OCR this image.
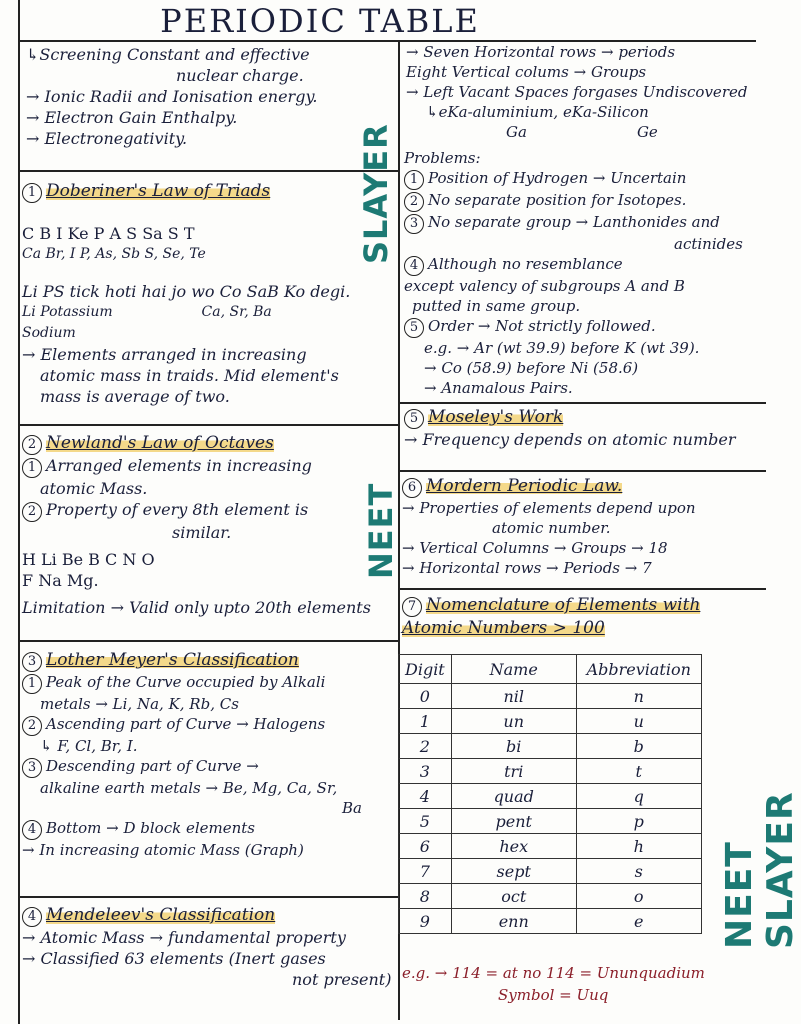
PERIODIC TABLE
↳Screening Constant and effective
nuclear charge.
→ Ionic Radii and Ionisation energy.
→ Electron Gain Enthalpy.
→ Electronegativity.
→ Seven Horizontal rows → periods
Eight Vertical colums → Groups
→ Left Vacant Spaces forgases Undiscovered
↳eKa-aluminium, eKa-Silicon
Ga	Ge
Problems:
1 Position of Hydrogen → Uncertain
2 No separate position for Isotopes.
3 No separate group → Lanthonides and
actinides
4 Although no resemblance
except valency of subgroups A and B
putted in same group.
5 Order → Not strictly followed.
e.g. → Ar (wt 39.9) before K (wt 39).
→ Co (58.9) before Ni (58.6)
→ Anamalous Pairs.
1 Doberiner's Law of Triads
C B I Ke P A S Sa S T
Ca Br, I P, As, Sb S, Se, Te
Li PS tick hoti hai jo wo Co SaB Ko degi.
Li Potassium	Ca, Sr, Ba
Sodium
→ Elements arranged in increasing
atomic mass in traids. Mid element's
mass is average of two.
2 Newland's Law of Octaves
1 Arranged elements in increasing
atomic Mass.
2 Property of every 8th element is
similar.
H Li Be B C N O
F Na Mg.
Limitation → Valid only upto 20th elements
3 Lother Meyer's Classification
1 Peak of the Curve occupied by Alkali
metals → Li, Na, K, Rb, Cs
2 Ascending part of Curve → Halogens
↳ F, Cl, Br, I.
3 Descending part of Curve →
alkaline earth metals → Be, Mg, Ca, Sr,
Ba
4 Bottom → D block elements
→ In increasing atomic Mass (Graph)
4 Mendeleev's Classification
→ Atomic Mass → fundamental property
→ Classified 63 elements (Inert gases
not present)
5 Moseley's Work
→ Frequency depends on atomic number
6 Mordern Periodic Law.
→ Properties of elements depend upon
atomic number.
→ Vertical Columns → Groups → 18
→ Horizontal rows → Periods → 7
7 Nomenclature of Elements with
Atomic Numbers > 100
Digit	Name	Abbreviation
0	nil	n
1	un	u
2	bi	b
3	tri	t
4	quad	q
5	pent	p
6	hex	h
7	sept	s
8	oct	o
9	enn	e
e.g. → 114 = at no 114 = Ununquadium
Symbol = Uuq
SLAYER
NEET
NEET SLAYER
